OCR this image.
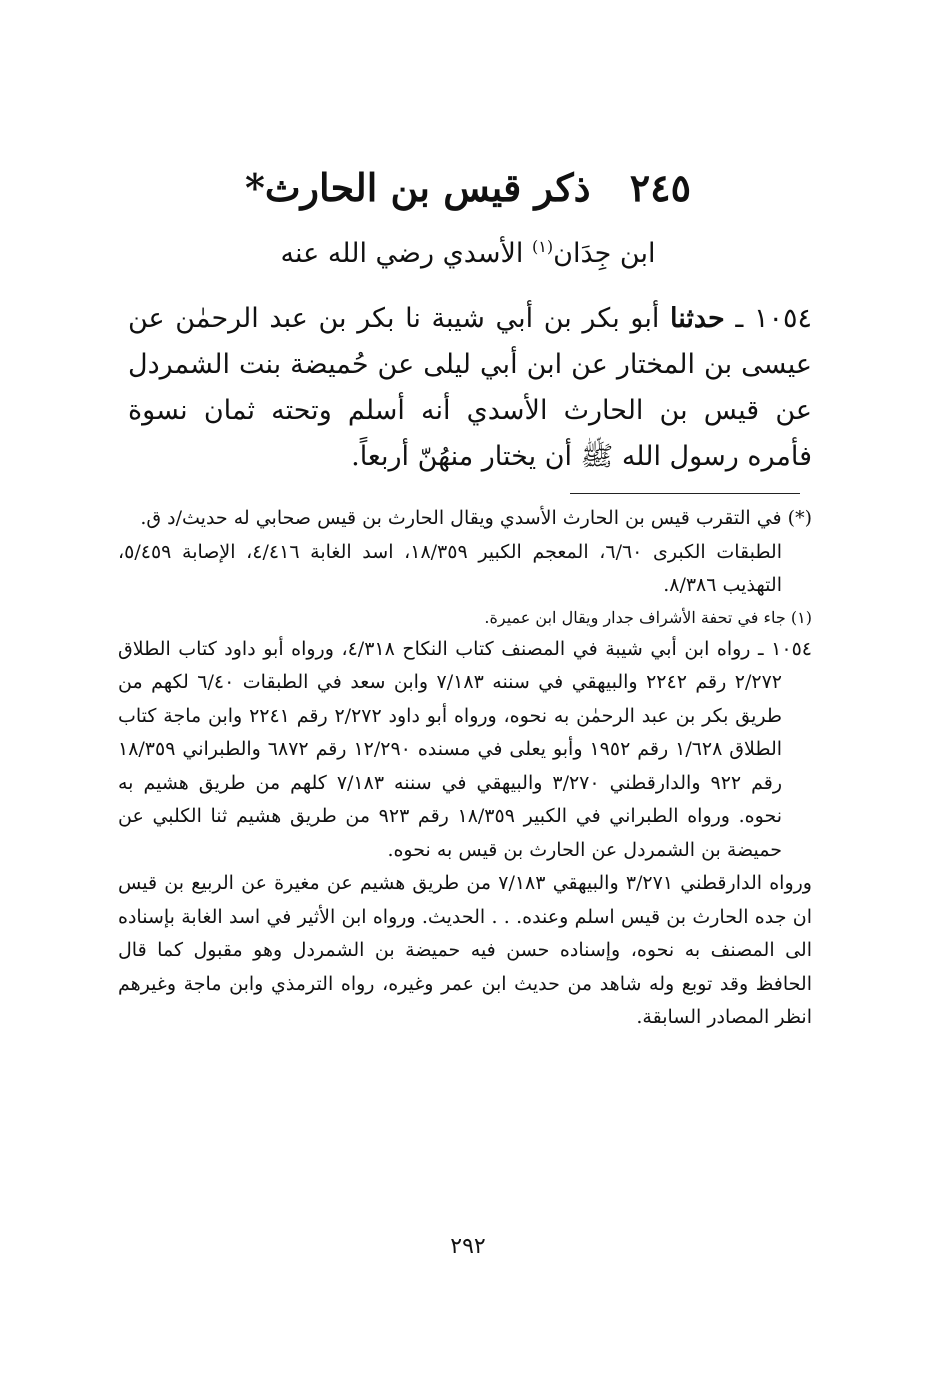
٢٤٥ ذكر قيس بن الحارث*

ابن جِدَان$^{(١)}$ الأسدي رضي الله عنه

١٠٥٤ ـ حدثنا أبو بكر بن أبي شيبة نا بكر بن عبد الرحمٰن عن عيسى بن المختار عن ابن أبي ليلى عن حُميضة بنت الشمردل عن قيس بن الحارث الأسدي أنه أسلم وتحته ثمان نسوة فأمره رسول الله ﷺ أن يختار منهُنّ أربعاً.

(*) في التقرب قيس بن الحارث الأسدي ويقال الحارث بن قيس صحابي له حديث/د ق.

الطبقات الكبرى ٦/٦٠، المعجم الكبير ١٨/٣٥٩، اسد الغابة ٤/٤١٦، الإصابة ٥/٤٥٩، التهذيب ٨/٣٨٦.

(١) جاء في تحفة الأشراف جدار ويقال ابن عميرة.

١٠٥٤ ـ رواه ابن أبي شيبة في المصنف كتاب النكاح ٤/٣١٨، ورواه أبو داود كتاب الطلاق ٢/٢٧٢ رقم ٢٢٤٢ والبيهقي في سننه ٧/١٨٣ وابن سعد في الطبقات ٦/٤٠ لكهم من طريق بكر بن عبد الرحمٰن به نحوه، ورواه أبو داود ٢/٢٧٢ رقم ٢٢٤١ وابن ماجة كتاب الطلاق ١/٦٢٨ رقم ١٩٥٢ وأبو يعلى في مسنده ١٢/٢٩٠ رقم ٦٨٧٢ والطبراني ١٨/٣٥٩ رقم ٩٢٢ والدارقطني ٣/٢٧٠ والبيهقي في سننه ٧/١٨٣ كلهم من طريق هشيم به نحوه. ورواه الطبراني في الكبير ١٨/٣٥٩ رقم ٩٢٣ من طريق هشيم ثنا الكلبي عن حميضة بن الشمردل عن الحارث بن قيس به نحوه.

ورواه الدارقطني ٣/٢٧١ والبيهقي ٧/١٨٣ من طريق هشيم عن مغيرة عن الربيع بن قيس ان جده الحارث بن قيس اسلم وعنده. . . الحديث. ورواه ابن الأثير في اسد الغابة بإسناده الى المصنف به نحوه، وإسناده حسن فيه حميضة بن الشمردل وهو مقبول كما قال الحافظ وقد توبع وله شاهد من حديث ابن عمر وغيره، رواه الترمذي وابن ماجة وغيرهم انظر المصادر السابقة.

٢٩٢
